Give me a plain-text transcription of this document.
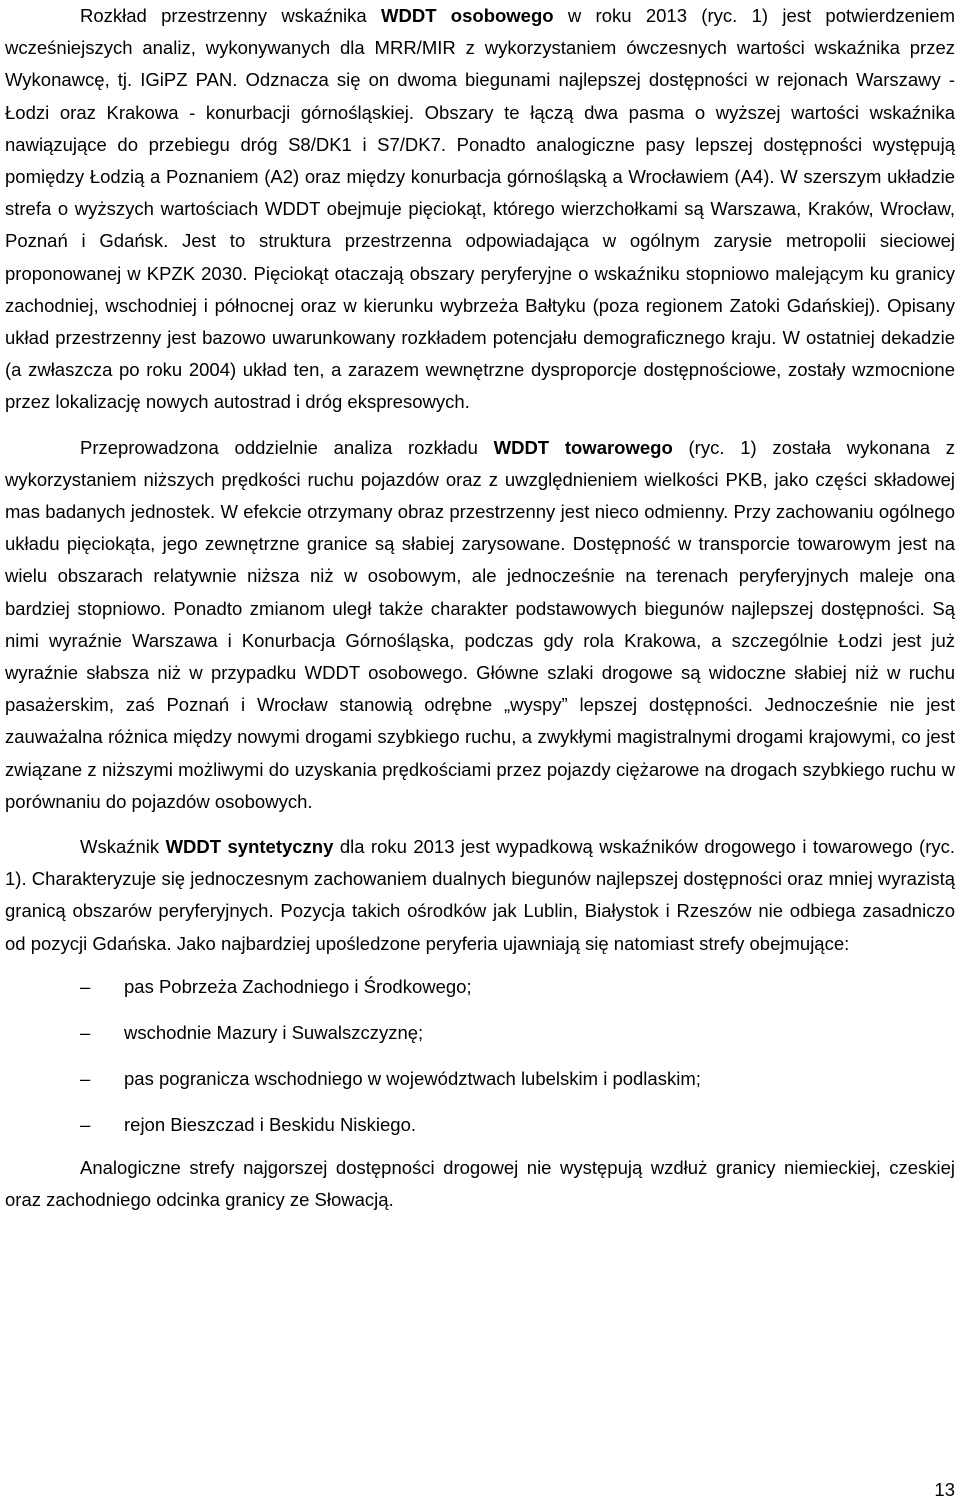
Rozkład przestrzenny wskaźnika WDDT osobowego w roku 2013 (ryc. 1) jest potwierdzeniem wcześniejszych analiz, wykonywanych dla MRR/MIR z wykorzystaniem ówczesnych wartości wskaźnika przez Wykonawcę, tj. IGiPZ PAN. Odznacza się on dwoma biegunami najlepszej dostępności w rejonach Warszawy - Łodzi oraz Krakowa - konurbacji górnośląskiej. Obszary te łączą dwa pasma o wyższej wartości wskaźnika nawiązujące do przebiegu dróg S8/DK1 i S7/DK7. Ponadto analogiczne pasy lepszej dostępności występują pomiędzy Łodzią a Poznaniem (A2) oraz między konurbacja górnośląską a Wrocławiem (A4). W szerszym układzie strefa o wyższych wartościach WDDT obejmuje pięciokąt, którego wierzchołkami są Warszawa, Kraków, Wrocław, Poznań i Gdańsk. Jest to struktura przestrzenna odpowiadająca w ogólnym zarysie metropolii sieciowej proponowanej w KPZK 2030. Pięciokąt otaczają obszary peryferyjne o wskaźniku stopniowo malejącym ku granicy zachodniej, wschodniej i północnej oraz w kierunku wybrzeża Bałtyku (poza regionem Zatoki Gdańskiej). Opisany układ przestrzenny jest bazowo uwarunkowany rozkładem potencjału demograficznego kraju. W ostatniej dekadzie (a zwłaszcza po roku 2004) układ ten, a zarazem wewnętrzne dysproporcje dostępnościowe, zostały wzmocnione przez lokalizację nowych autostrad i dróg ekspresowych.

Przeprowadzona oddzielnie analiza rozkładu WDDT towarowego (ryc. 1) została wykonana z wykorzystaniem niższych prędkości ruchu pojazdów oraz z uwzględnieniem wielkości PKB, jako części składowej mas badanych jednostek. W efekcie otrzymany obraz przestrzenny jest nieco odmienny. Przy zachowaniu ogólnego układu pięciokąta, jego zewnętrzne granice są słabiej zarysowane. Dostępność w transporcie towarowym jest na wielu obszarach relatywnie niższa niż w osobowym, ale jednocześnie na terenach peryferyjnych maleje ona bardziej stopniowo. Ponadto zmianom uległ także charakter podstawowych biegunów najlepszej dostępności. Są nimi wyraźnie Warszawa i Konurbacja Górnośląska, podczas gdy rola Krakowa, a szczególnie Łodzi jest już wyraźnie słabsza niż w przypadku WDDT osobowego. Główne szlaki drogowe są widoczne słabiej niż w ruchu pasażerskim, zaś Poznań i Wrocław stanowią odrębne „wyspy” lepszej dostępności. Jednocześnie nie jest zauważalna różnica między nowymi drogami szybkiego ruchu, a zwykłymi magistralnymi drogami krajowymi, co jest związane z niższymi możliwymi do uzyskania prędkościami przez pojazdy ciężarowe na drogach szybkiego ruchu w porównaniu do pojazdów osobowych.

Wskaźnik WDDT syntetyczny dla roku 2013 jest wypadkową wskaźników drogowego i towarowego (ryc. 1). Charakteryzuje się jednoczesnym zachowaniem dualnych biegunów najlepszej dostępności oraz mniej wyrazistą granicą obszarów peryferyjnych. Pozycja takich ośrodków jak Lublin, Białystok i Rzeszów nie odbiega zasadniczo od pozycji Gdańska. Jako najbardziej upośledzone peryferia ujawniają się natomiast strefy obejmujące:

–	pas Pobrzeża Zachodniego i Środkowego;
–	wschodnie Mazury i Suwalszczyznę;
–	pas pogranicza wschodniego w województwach lubelskim i podlaskim;
–	rejon Bieszczad i Beskidu Niskiego.

Analogiczne strefy najgorszej dostępności drogowej nie występują wzdłuż granicy niemieckiej, czeskiej oraz zachodniego odcinka granicy ze Słowacją.

13
